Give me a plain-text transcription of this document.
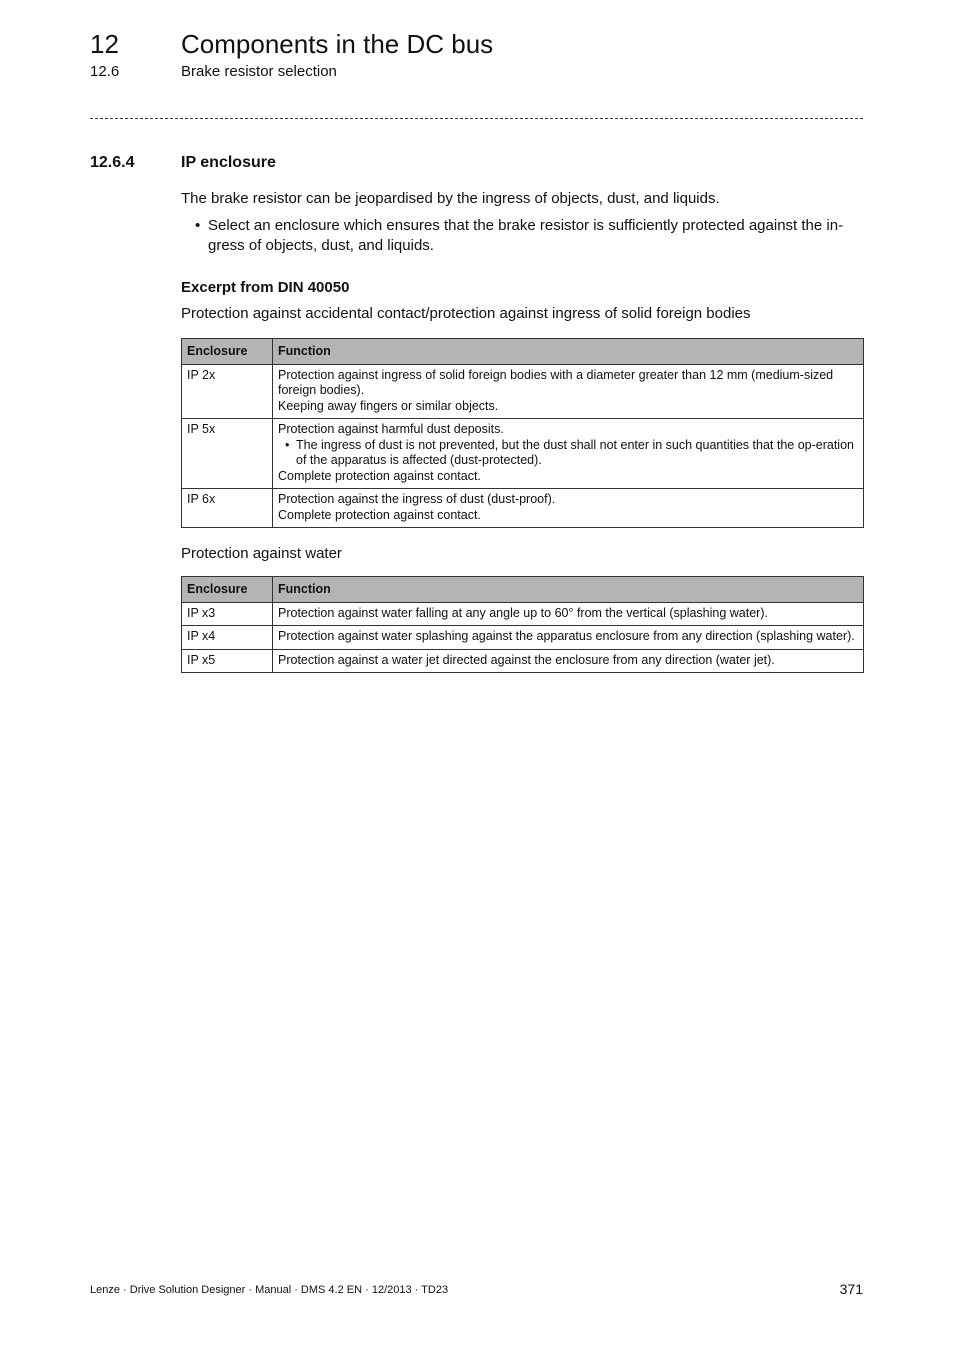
12 Components in the DC bus
12.6	Brake resistor selection
12.6.4	IP enclosure
The brake resistor can be jeopardised by the ingress of objects, dust, and liquids.
• Select an enclosure which ensures that the brake resistor is sufficiently protected against the in-gress of objects, dust, and liquids.
Excerpt from DIN 40050
Protection against accidental contact/protection against ingress of solid foreign bodies
Enclosure	Function
IP 2x	Protection against ingress of solid foreign bodies with a diameter greater than 12 mm (medium-sized foreign bodies).
Keeping away fingers or similar objects.

IP 5x	Protection against harmful dust deposits.
• The ingress of dust is not prevented, but the dust shall not enter in such quantities that the op-eration of the apparatus is affected (dust-protected).
Complete protection against contact.

IP 6x	Protection against the ingress of dust (dust-proof).
Complete protection against contact.
Protection against water
Enclosure	Function
IP x3	Protection against water falling at any angle up to 60° from the vertical (splashing water).
IP x4	Protection against water splashing against the apparatus enclosure from any direction (splashing water).
IP x5	Protection against a water jet directed against the enclosure from any direction (water jet).
Lenze · Drive Solution Designer · Manual · DMS 4.2 EN · 12/2013 · TD23	371
